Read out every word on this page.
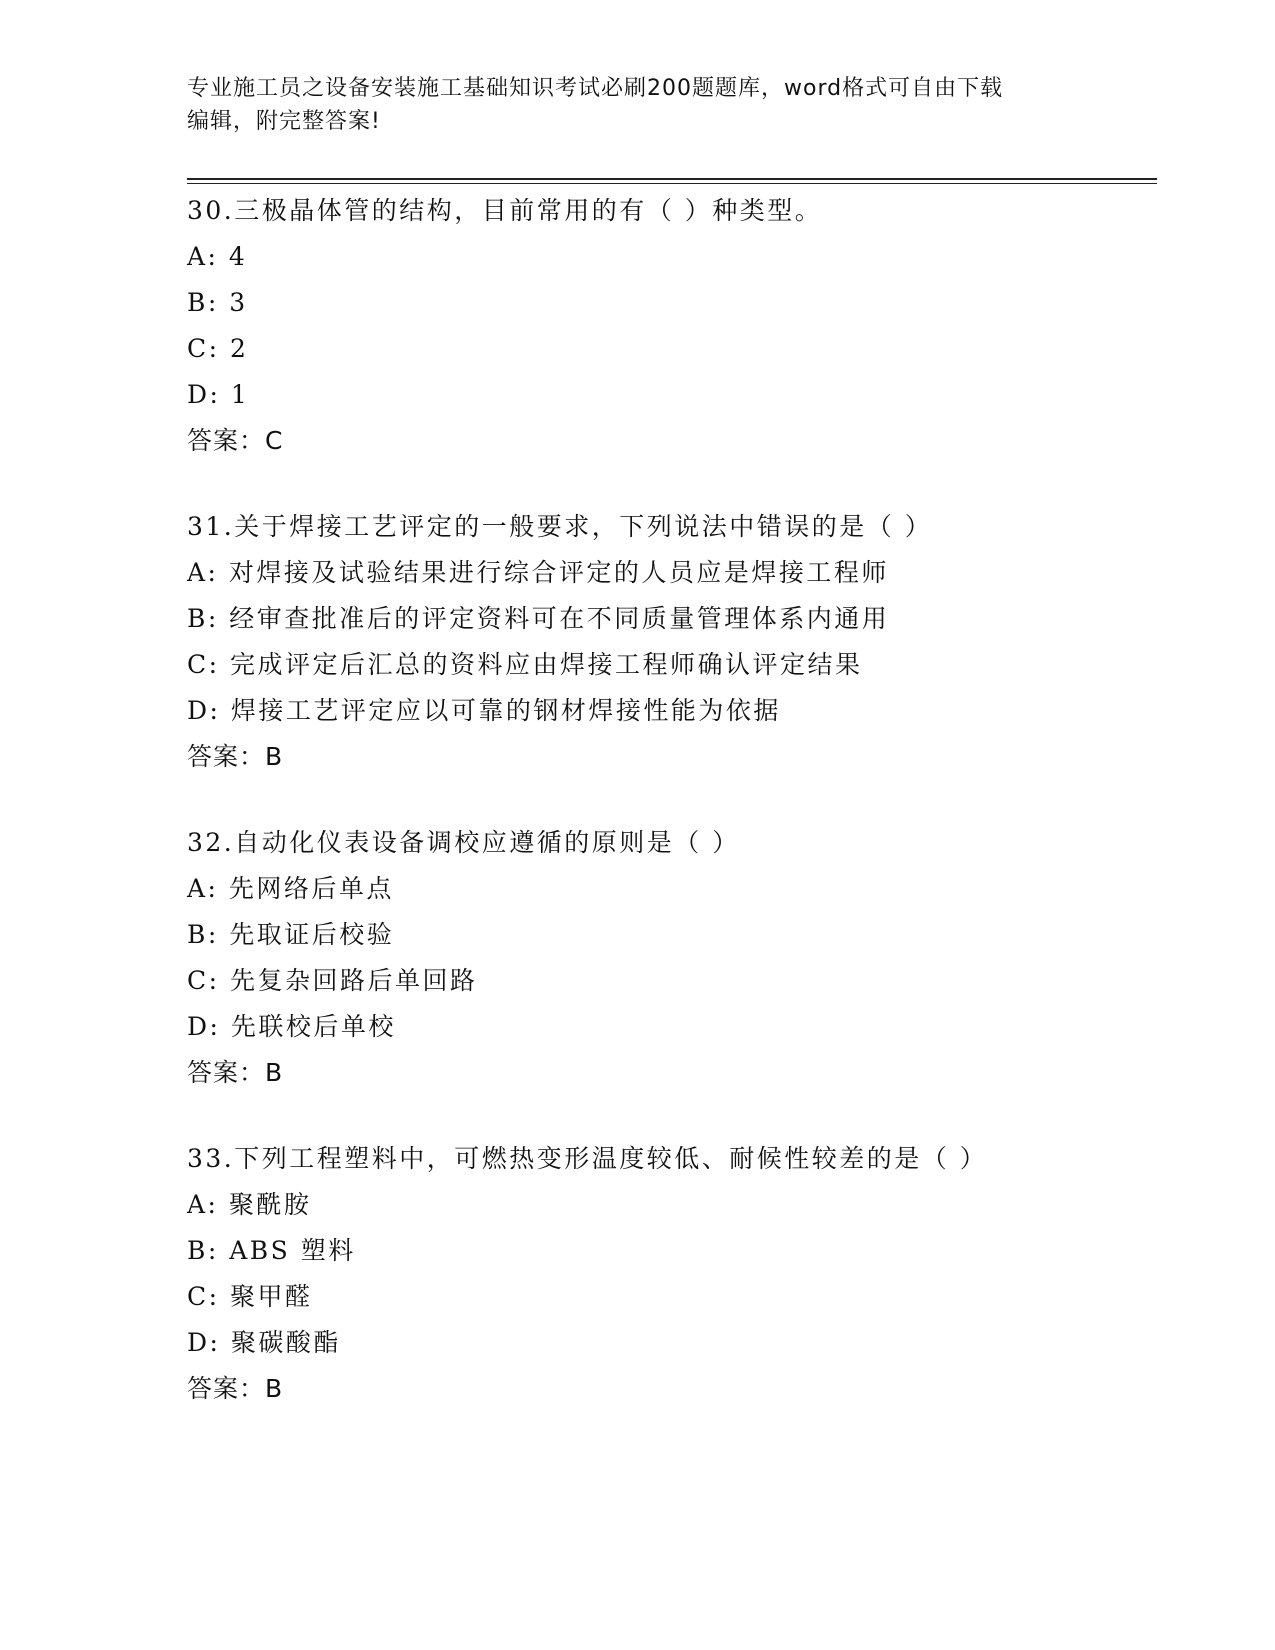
专业施工员之设备安装施工基础知识考试必刷200题题库，word格式可自由下载
编辑，附完整答案!
30.三极晶体管的结构，目前常用的有（ ）种类型。
A: 4
B: 3
C: 2
D: 1
答案：C
31.关于焊接工艺评定的一般要求，下列说法中错误的是（ ）
A: 对焊接及试验结果进行综合评定的人员应是焊接工程师
B: 经审查批准后的评定资料可在不同质量管理体系内通用
C: 完成评定后汇总的资料应由焊接工程师确认评定结果
D: 焊接工艺评定应以可靠的钢材焊接性能为依据
答案：B
32.自动化仪表设备调校应遵循的原则是（ ）
A: 先网络后单点
B: 先取证后校验
C: 先复杂回路后单回路
D: 先联校后单校
答案：B
33.下列工程塑料中，可燃热变形温度较低、耐候性较差的是（ ）
A: 聚酰胺
B: ABS 塑料
C: 聚甲醛
D: 聚碳酸酯
答案：B
